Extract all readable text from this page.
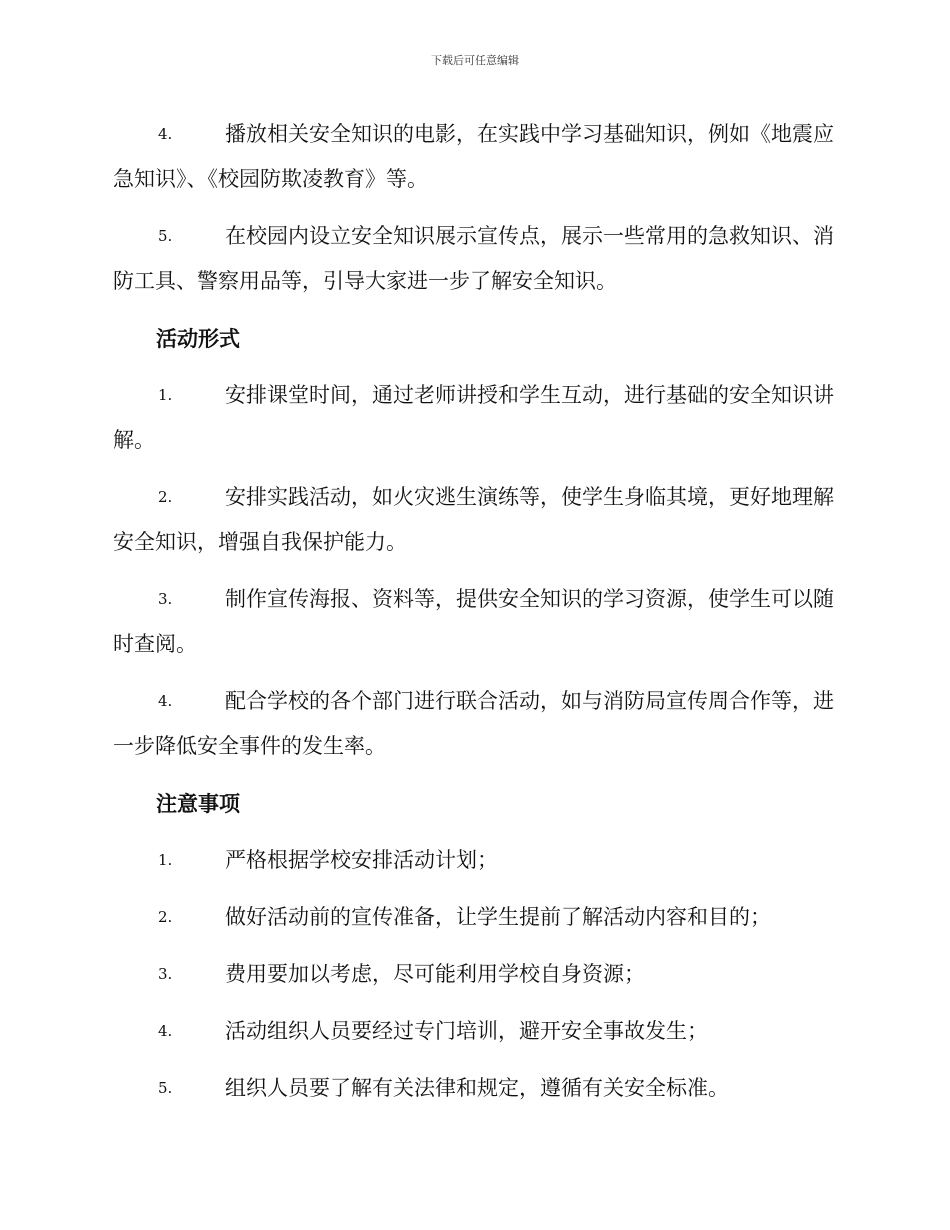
下载后可任意编辑
4.	播放相关安全知识的电影，在实践中学习基础知识，例如《地震应急知识》、《校园防欺凌教育》等。
5.	在校园内设立安全知识展示宣传点，展示一些常用的急救知识、消防工具、警察用品等，引导大家进一步了解安全知识。
活动形式
1.	安排课堂时间，通过老师讲授和学生互动，进行基础的安全知识讲解。
2.	安排实践活动，如火灾逃生演练等，使学生身临其境，更好地理解安全知识，增强自我保护能力。
3.	制作宣传海报、资料等，提供安全知识的学习资源，使学生可以随时查阅。
4.	配合学校的各个部门进行联合活动，如与消防局宣传周合作等，进一步降低安全事件的发生率。
注意事项
1.	严格根据学校安排活动计划；
2.	做好活动前的宣传准备，让学生提前了解活动内容和目的；
3.	费用要加以考虑，尽可能利用学校自身资源；
4.	活动组织人员要经过专门培训，避开安全事故发生；
5.	组织人员要了解有关法律和规定，遵循有关安全标准。
